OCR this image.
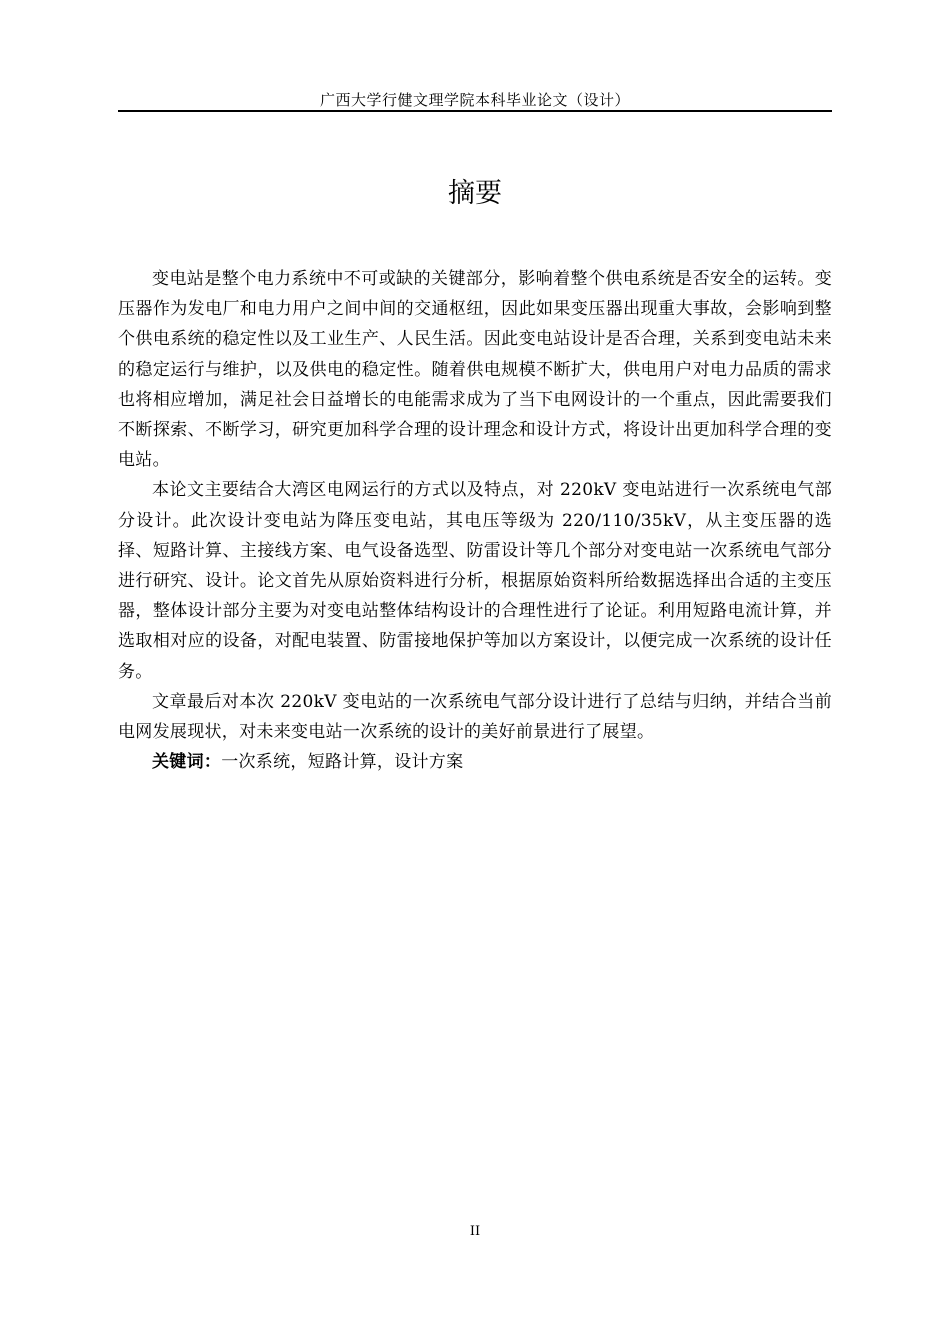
广西大学行健文理学院本科毕业论文（设计）
摘要

变电站是整个电力系统中不可或缺的关键部分，影响着整个供电系统是否安全的运转。变压器作为发电厂和电力用户之间中间的交通枢纽，因此如果变压器出现重大事故，会影响到整个供电系统的稳定性以及工业生产、人民生活。因此变电站设计是否合理，关系到变电站未来的稳定运行与维护，以及供电的稳定性。随着供电规模不断扩大，供电用户对电力品质的需求也将相应增加，满足社会日益增长的电能需求成为了当下电网设计的一个重点，因此需要我们不断探索、不断学习，研究更加科学合理的设计理念和设计方式，将设计出更加科学合理的变电站。

本论文主要结合大湾区电网运行的方式以及特点，对 220kV 变电站进行一次系统电气部分设计。此次设计变电站为降压变电站，其电压等级为 220/110/35kV，从主变压器的选择、短路计算、主接线方案、电气设备选型、防雷设计等几个部分对变电站一次系统电气部分进行研究、设计。论文首先从原始资料进行分析，根据原始资料所给数据选择出合适的主变压器，整体设计部分主要为对变电站整体结构设计的合理性进行了论证。利用短路电流计算，并选取相对应的设备，对配电装置、防雷接地保护等加以方案设计，以便完成一次系统的设计任务。

文章最后对本次 220kV 变电站的一次系统电气部分设计进行了总结与归纳，并结合当前电网发展现状，对未来变电站一次系统的设计的美好前景进行了展望。

关键词：一次系统，短路计算，设计方案

II
